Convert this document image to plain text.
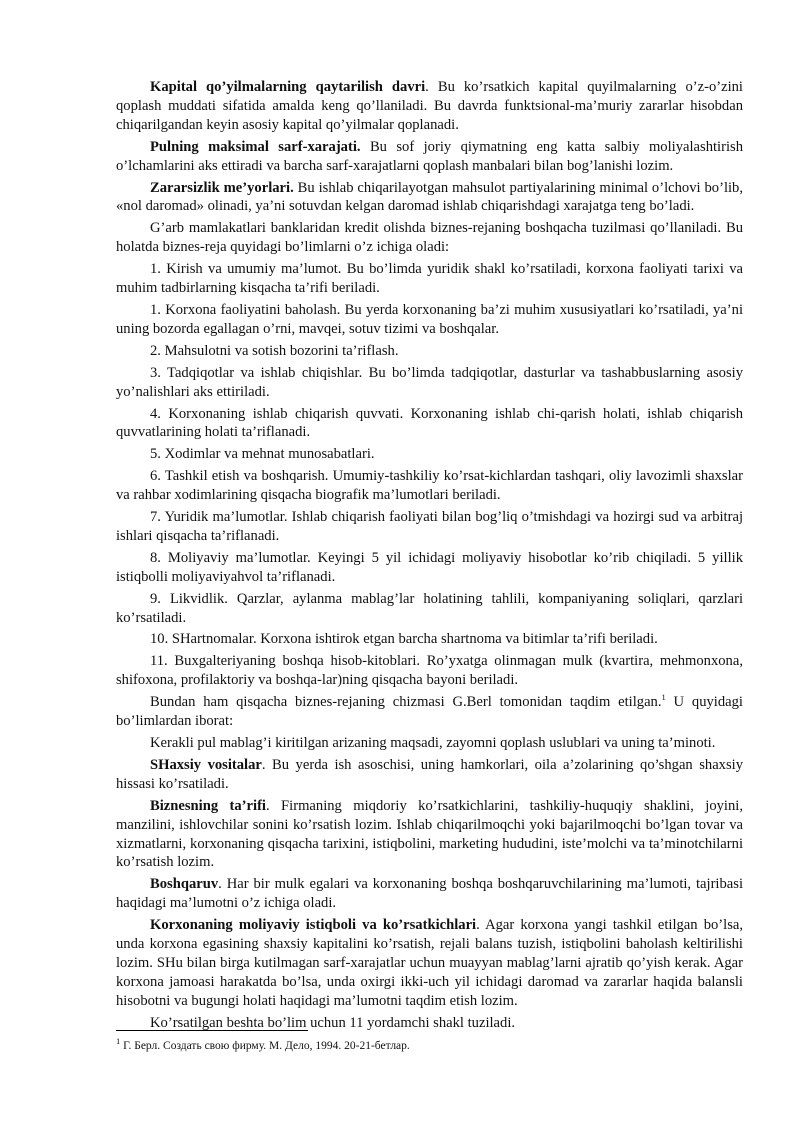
Kapital qo’yilmalarning qaytarilish davri. Bu ko’rsatkich kapital quyilmalarning o’z-o’zini qoplash muddati sifatida amalda keng qo’llaniladi. Bu davrda funktsional-ma’muriy zararlar hisobdan chiqarilgandan keyin asosiy kapital qo’yilmalar qoplanadi.

Pulning maksimal sarf-xarajati. Bu sof joriy qiymatning eng katta salbiy moliyalashtirish o’lchamlarini aks ettiradi va barcha sarf-xarajatlarni qoplash manbalari bilan bog’lanishi lozim.

Zararsizlik me’yorlari. Bu ishlab chiqarilayotgan mahsulot partiyalarining minimal o’lchovi bo’lib, «nol daromad» olinadi, ya’ni sotuvdan kelgan daromad ishlab chiqarishdagi xarajatga teng bo’ladi.

G’arb mamlakatlari banklaridan kredit olishda biznes-rejaning boshqacha tuzilmasi qo’llaniladi. Bu holatda biznes-reja quyidagi bo’limlarni o’z ichiga oladi:

1. Kirish va umumiy ma’lumot. Bu bo’limda yuridik shakl ko’rsatiladi, korxona faoliyati tarixi va muhim tadbirlarning kisqacha ta’rifi beriladi.

1. Korxona faoliyatini baholash. Bu yerda korxonaning ba’zi muhim xususiyatlari ko’rsatiladi, ya’ni uning bozorda egallagan o’rni, mavqei, sotuv tizimi va boshqalar.

2. Mahsulotni va sotish bozorini ta’riflash.

3. Tadqiqotlar va ishlab chiqishlar. Bu bo’limda tadqiqotlar, dasturlar va tashabbuslarning asosiy yo’nalishlari aks ettiriladi.

4. Korxonaning ishlab chiqarish quvvati. Korxonaning ishlab chi-qarish holati, ishlab chiqarish quvvatlarining holati ta’riflanadi.

5. Xodimlar va mehnat munosabatlari.

6. Tashkil etish va boshqarish. Umumiy-tashkiliy ko’rsat-kichlardan tashqari, oliy lavozimli shaxslar va rahbar xodimlarining qisqacha biografik ma’lumotlari beriladi.

7. Yuridik ma’lumotlar. Ishlab chiqarish faoliyati bilan bog’liq o’tmishdagi va hozirgi sud va arbitraj ishlari qisqacha ta’riflanadi.

8. Moliyaviy ma’lumotlar. Keyingi 5 yil ichidagi moliyaviy hisobotlar ko’rib chiqiladi. 5 yillik istiqbolli moliyaviyahvol ta’riflanadi.

9. Likvidlik. Qarzlar, aylanma mablag’lar holatining tahlili, kompaniyaning soliqlari, qarzlari ko’rsatiladi.

10. SHartnomalar. Korxona ishtirok etgan barcha shartnoma va bitimlar ta’rifi beriladi.

11. Buxgalteriyaning boshqa hisob-kitoblari. Ro’yxatga olinmagan mulk (kvartira, mehmonxona, shifoxona, profilaktoriy va boshqa-lar)ning qisqacha bayoni beriladi.

Bundan ham qisqacha biznes-rejaning chizmasi G.Berl tomonidan taqdim etilgan.$^1$ U quyidagi bo’limlardan iborat:

Kerakli pul mablag’i kiritilgan arizaning maqsadi, zayomni qoplash uslublari va uning ta’minoti.

SHaxsiy vositalar. Bu yerda ish asoschisi, uning hamkorlari, oila a’zolarining qo’shgan shaxsiy hissasi ko’rsatiladi.

Biznesning ta’rifi. Firmaning miqdoriy ko’rsatkichlarini, tashkiliy-huquqiy shaklini, joyini, manzilini, ishlovchilar sonini ko’rsatish lozim. Ishlab chiqarilmoqchi yoki bajarilmoqchi bo’lgan tovar va xizmatlarni, korxonaning qisqacha tarixini, istiqbolini, marketing hududini, iste’molchi va ta’minotchilarni ko’rsatish lozim.

Boshqaruv. Har bir mulk egalari va korxonaning boshqa boshqaruvchilarining ma’lumoti, tajribasi haqidagi ma’lumotni o’z ichiga oladi.

Korxonaning moliyaviy istiqboli va ko’rsatkichlari. Agar korxona yangi tashkil etilgan bo’lsa, unda korxona egasining shaxsiy kapitalini ko’rsatish, rejali balans tuzish, istiqbolini baholash keltirilishi lozim. SHu bilan birga kutilmagan sarf-xarajatlar uchun muayyan mablag’larni ajratib qo’yish kerak. Agar korxona jamoasi harakatda bo’lsa, unda oxirgi ikki-uch yil ichidagi daromad va zararlar haqida balansli hisobotni va bugungi holati haqidagi ma’lumotni taqdim etish lozim.

Ko’rsatilgan beshta bo’lim uchun 11 yordamchi shakl tuziladi.

$^1$ Г. Берл. Создать свою фирму. М. Дело, 1994. 20-21-бетлар.
